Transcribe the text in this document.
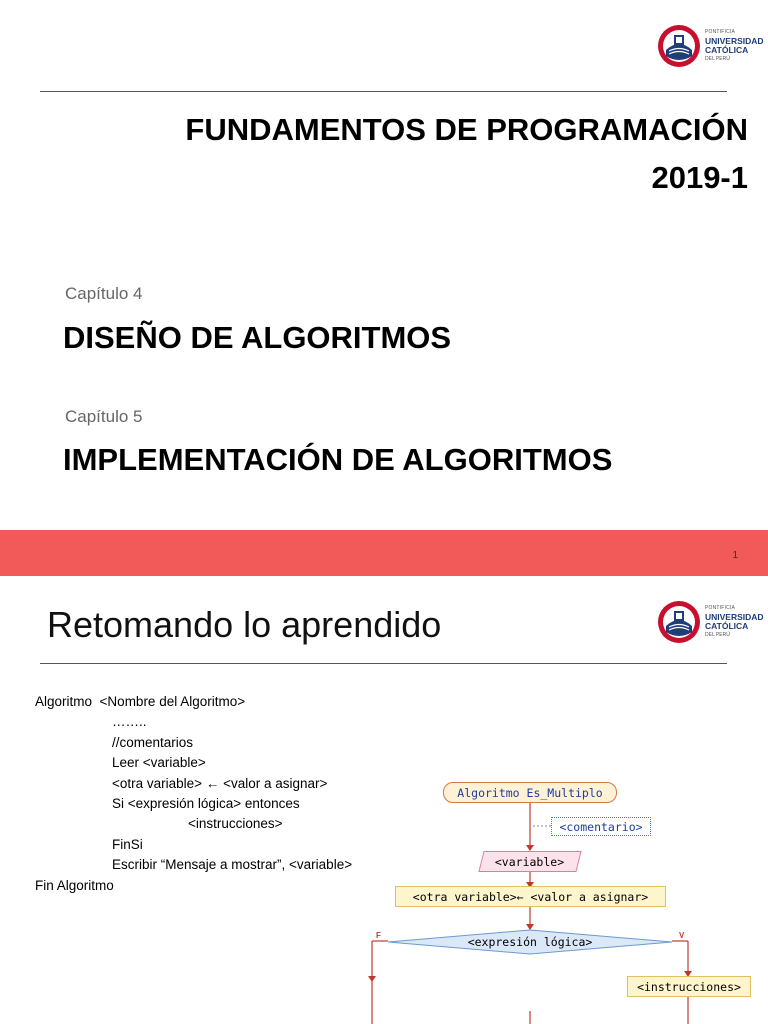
PONTIFICIA
UNIVERSIDAD
CATÓLICA
DEL PERÚ
FUNDAMENTOS DE PROGRAMACIÓN
2019-1
Capítulo 4
DISEÑO DE ALGORITMOS
Capítulo 5
IMPLEMENTACIÓN DE ALGORITMOS
1
Retomando lo aprendido	PONTIFICIA
UNIVERSIDAD
CATÓLICA
DEL PERÚ
Algoritmo <Nombre del Algoritmo>
……..
//comentarios
Leer <variable>
<otra variable> ← <valor a asignar>
Si <expresión lógica> entonces
<instrucciones>
FinSi
Escribir “Mensaje a mostrar”, <variable>
Fin Algoritmo
Algoritmo Es_Multiplo
<comentario>
<variable>
<otra variable>← <valor a asignar>
<expresión lógica>
F	V
<instrucciones>
